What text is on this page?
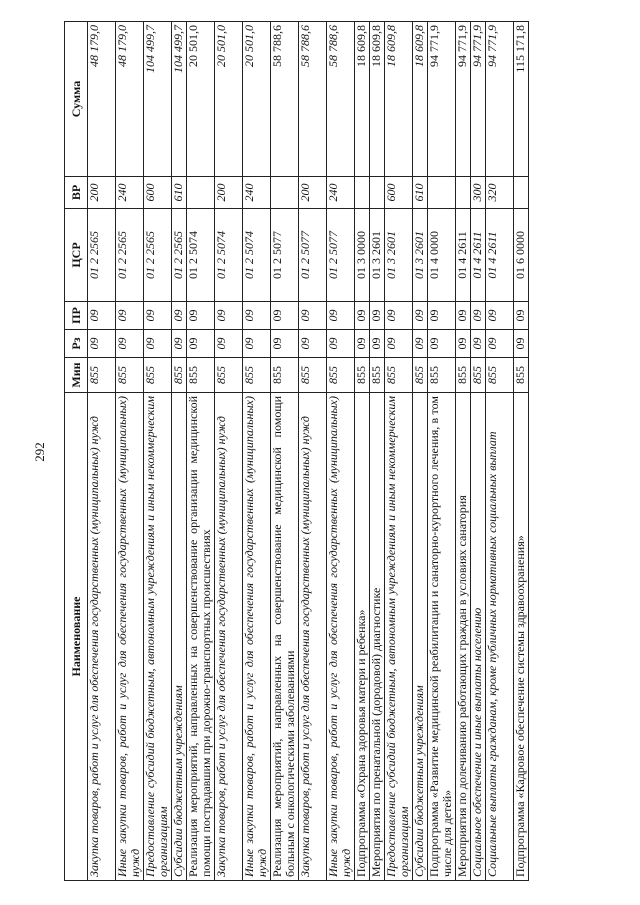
292
Наименование	Мин	Рз	ПР	ЦСР	ВР	Сумма
Закупка товаров, работ и услуг для обеспечения государственных (муниципальных) нужд	855	09	09	01 2 2565	200	48 179,0
Иные закупки товаров, работ и услуг для обеспечения государственных (муниципальных) нужд	855	09	09	01 2 2565	240	48 179,0
Предоставление субсидий бюджетным, автономным учреждениям и иным некоммерческим организациям	855	09	09	01 2 2565	600	104 499,7
Субсидии бюджетным учреждениям	855	09	09	01 2 2565	610	104 499,7
Реализация мероприятий, направленных на совершенствование организации медицинской помощи пострадавшим при дорожно-транспортных происшествиях	855	09	09	01 2 5074		20 501,0
Закупка товаров, работ и услуг для обеспечения государственных (муниципальных) нужд	855	09	09	01 2 5074	200	20 501,0
Иные закупки товаров, работ и услуг для обеспечения государственных (муниципальных) нужд	855	09	09	01 2 5074	240	20 501,0
Реализация мероприятий, направленных на совершенствование медицинской помощи больным с онкологическими заболеваниями	855	09	09	01 2 5077		58 788,6
Закупка товаров, работ и услуг для обеспечения государственных (муниципальных) нужд	855	09	09	01 2 5077	200	58 788,6
Иные закупки товаров, работ и услуг для обеспечения государственных (муниципальных) нужд	855	09	09	01 2 5077	240	58 788,6
Подпрограмма «Охрана здоровья матери и ребенка»	855	09	09	01 3 0000		18 609,8
Мероприятия по пренатальной (дородовой) диагностике	855	09	09	01 3 2601		18 609,8
Предоставление субсидий бюджетным, автономным учреждениям и иным некоммерческим организациям	855	09	09	01 3 2601	600	18 609,8
Субсидии бюджетным учреждениям	855	09	09	01 3 2601	610	18 609,8
Подпрограмма «Развитие медицинской реабилитации и санаторно-курортного лечения, в том числе для детей»	855	09	09	01 4 0000		94 771,9
Мероприятия по долечиванию работающих граждан в условиях санатория	855	09	09	01 4 2611		94 771,9
Социальное обеспечение и иные выплаты населению	855	09	09	01 4 2611	300	94 771,9
Социальные выплаты гражданам, кроме публичных нормативных социальных выплат	855	09	09	01 4 2611	320	94 771,9
Подпрограмма «Кадровое обеспечение системы здравоохранения»	855	09	09	01 6 0000		115 171,8
